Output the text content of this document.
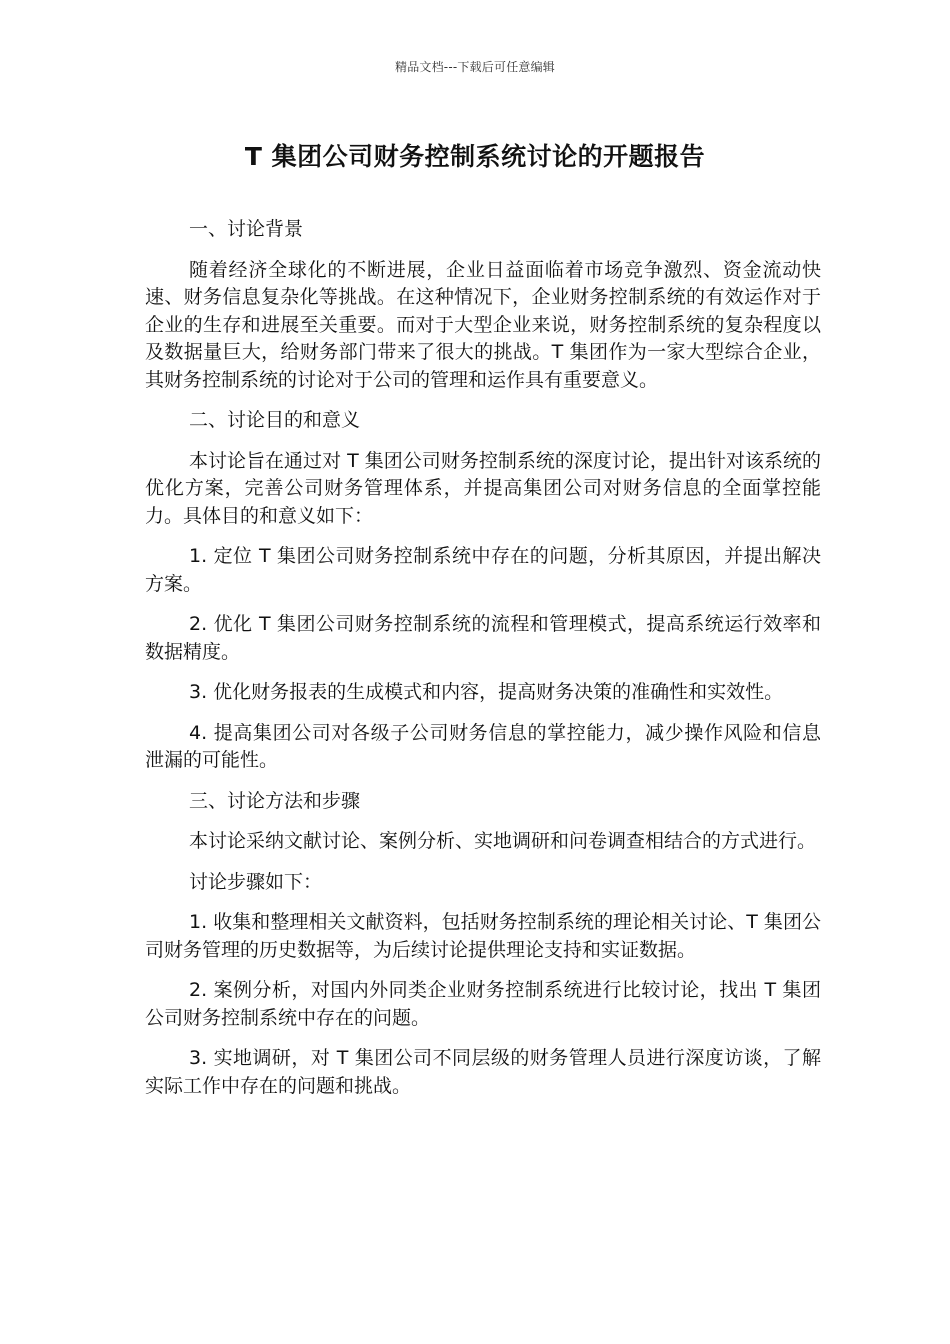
精品文档---下载后可任意编辑
T 集团公司财务控制系统讨论的开题报告

一、讨论背景

随着经济全球化的不断进展，企业日益面临着市场竞争激烈、资金流动快速、财务信息复杂化等挑战。在这种情况下，企业财务控制系统的有效运作对于企业的生存和进展至关重要。而对于大型企业来说，财务控制系统的复杂程度以及数据量巨大，给财务部门带来了很大的挑战。T 集团作为一家大型综合企业，其财务控制系统的讨论对于公司的管理和运作具有重要意义。

二、讨论目的和意义

本讨论旨在通过对 T 集团公司财务控制系统的深度讨论，提出针对该系统的优化方案，完善公司财务管理体系，并提高集团公司对财务信息的全面掌控能力。具体目的和意义如下：

1. 定位 T 集团公司财务控制系统中存在的问题，分析其原因，并提出解决方案。

2. 优化 T 集团公司财务控制系统的流程和管理模式，提高系统运行效率和数据精度。

3. 优化财务报表的生成模式和内容，提高财务决策的准确性和实效性。

4. 提高集团公司对各级子公司财务信息的掌控能力，减少操作风险和信息泄漏的可能性。

三、讨论方法和步骤

本讨论采纳文献讨论、案例分析、实地调研和问卷调查相结合的方式进行。

讨论步骤如下：

1. 收集和整理相关文献资料，包括财务控制系统的理论相关讨论、T 集团公司财务管理的历史数据等，为后续讨论提供理论支持和实证数据。

2. 案例分析，对国内外同类企业财务控制系统进行比较讨论，找出 T 集团公司财务控制系统中存在的问题。

3. 实地调研，对 T 集团公司不同层级的财务管理人员进行深度访谈，了解实际工作中存在的问题和挑战。
